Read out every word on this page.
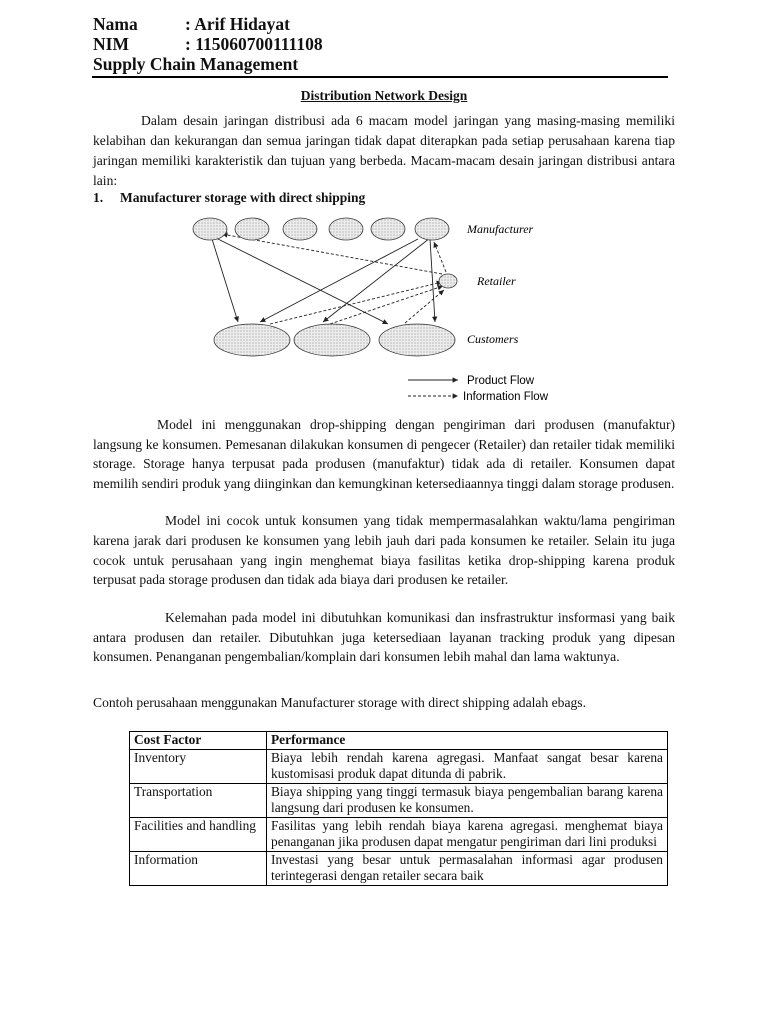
Nama	: Arif Hidayat
NIM	: 115060700111108
Supply Chain Management
Distribution Network Design

Dalam desain jaringan distribusi ada 6 macam model jaringan yang masing-masing memiliki kelabihan dan kekurangan dan semua jaringan tidak dapat diterapkan pada setiap perusahaan karena tiap jaringan memiliki karakteristik dan tujuan yang berbeda. Macam-macam desain jaringan distribusi antara lain:

1. Manufacturer storage with direct shipping
Manufacturer
Retailer
Customers
Product Flow
Information Flow

Model ini menggunakan drop-shipping dengan pengiriman dari produsen (manufaktur) langsung ke konsumen. Pemesanan dilakukan konsumen di pengecer (Retailer) dan retailer tidak memiliki storage. Storage hanya terpusat pada produsen (manufaktur) tidak ada di retailer. Konsumen dapat memilih sendiri produk yang diinginkan dan kemungkinan ketersediaannya tinggi dalam storage produsen.

Model ini cocok untuk konsumen yang tidak mempermasalahkan waktu/lama pengiriman karena jarak dari produsen ke konsumen yang lebih jauh dari pada konsumen ke retailer. Selain itu juga cocok untuk perusahaan yang ingin menghemat biaya fasilitas ketika drop-shipping karena produk terpusat pada storage produsen dan tidak ada biaya dari produsen ke retailer.

Kelemahan pada model ini dibutuhkan komunikasi dan insfrastruktur insformasi yang baik antara produsen dan retailer. Dibutuhkan juga ketersediaan layanan tracking produk yang dipesan konsumen. Penanganan pengembalian/komplain dari konsumen lebih mahal dan lama waktunya.

Contoh perusahaan menggunakan Manufacturer storage with direct shipping adalah ebags.

Cost Factor	Performance
Inventory	Biaya lebih rendah karena agregasi. Manfaat sangat besar karena kustomisasi produk dapat ditunda di pabrik.
Transportation	Biaya shipping yang tinggi termasuk biaya pengembalian barang karena langsung dari produsen ke konsumen.
Facilities and handling	Fasilitas yang lebih rendah biaya karena agregasi. menghemat biaya penanganan jika produsen dapat mengatur pengiriman dari lini produksi
Information	Investasi yang besar untuk permasalahan informasi agar produsen terintegerasi dengan retailer secara baik
